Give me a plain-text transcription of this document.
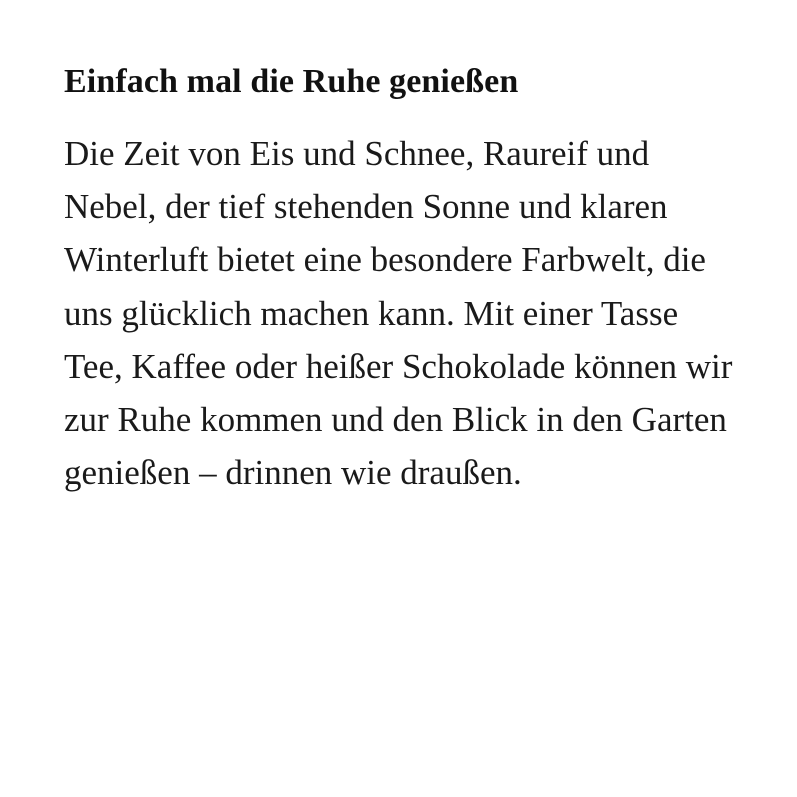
Einfach mal die Ruhe genießen

Die Zeit von Eis und Schnee, Raureif und Nebel, der tief stehenden Sonne und klaren Winterluft bietet eine besondere Farbwelt, die uns glücklich machen kann. Mit einer Tasse Tee, Kaffee oder heißer Schokolade können wir zur Ruhe kommen und den Blick in den Garten genießen – drinnen wie draußen.
